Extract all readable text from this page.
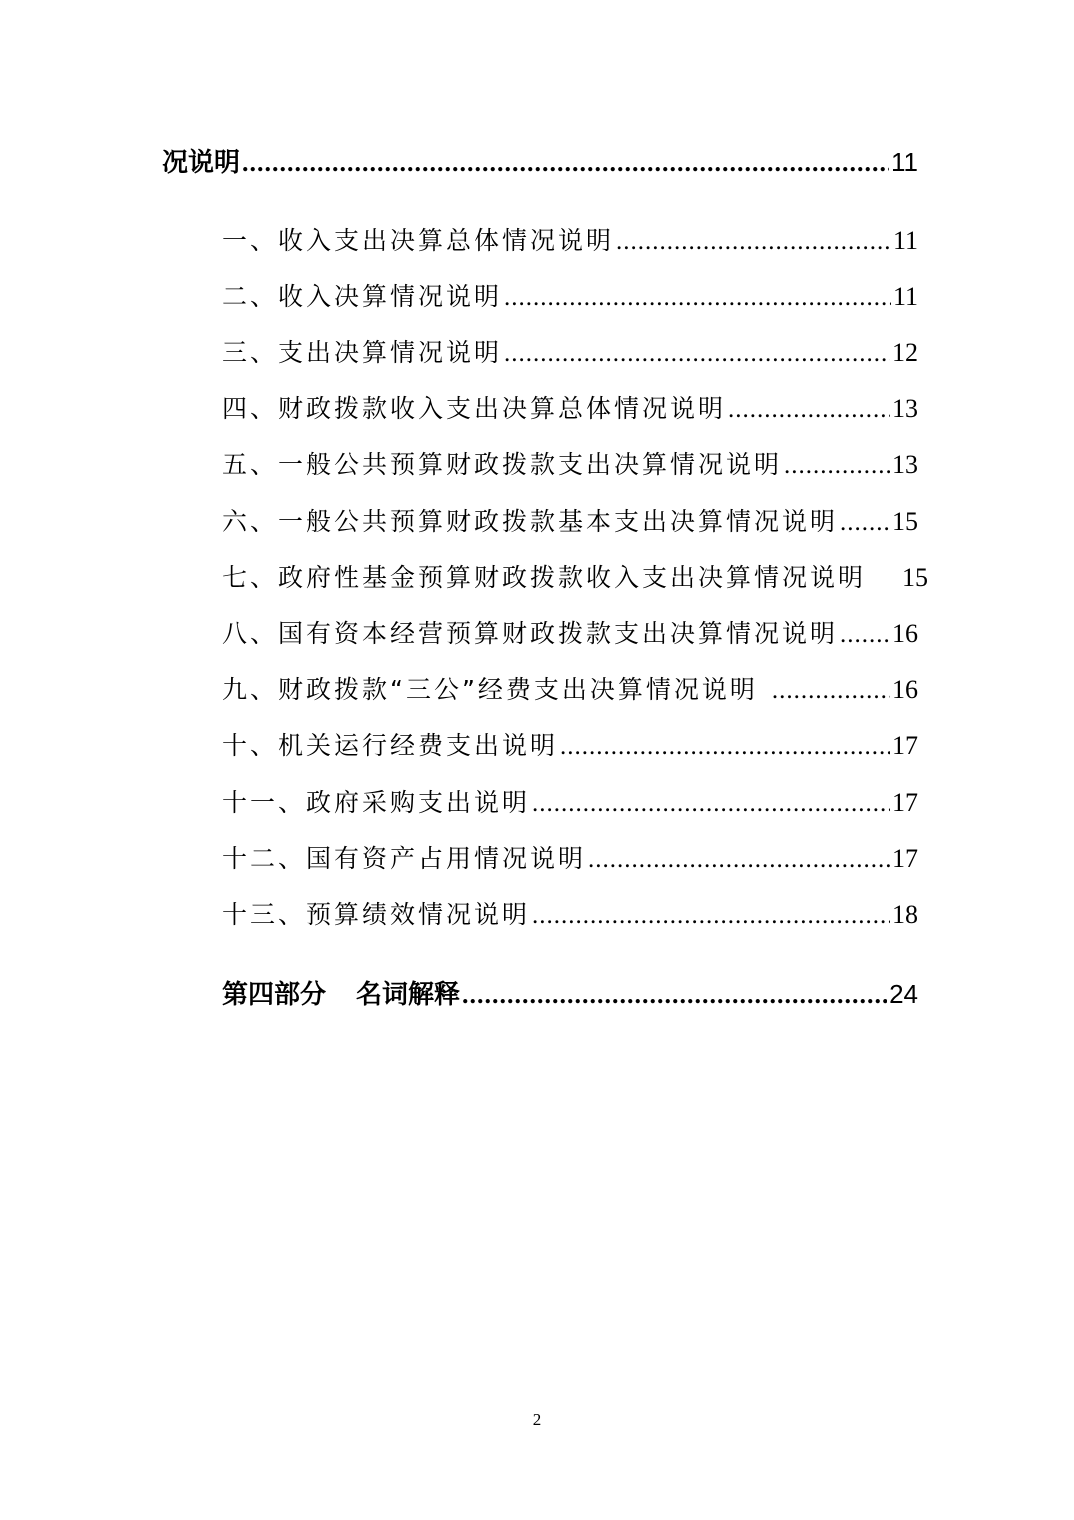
况说明 .....	11
一、收入支出决算总体情况说明 .....	11
二、收入决算情况说明 .....	11
三、支出决算情况说明 .....	12
四、财政拨款收入支出决算总体情况说明 .....	13
五、一般公共预算财政拨款支出决算情况说明 .....	13
六、一般公共预算财政拨款基本支出决算情况说明 ..... 15
七、政府性基金预算财政拨款收入支出决算情况说明 15
八、国有资本经营预算财政拨款支出决算情况说明 ..... 16
九、财政拨款“三公”经费支出决算情况说明 .....	16
十、机关运行经费支出说明 .....	17
十一、政府采购支出说明 .....	17
十二、国有资产占用情况说明 .....	17
十三、预算绩效情况说明 .....	18
第四部分 名词解释 .....	24
2
